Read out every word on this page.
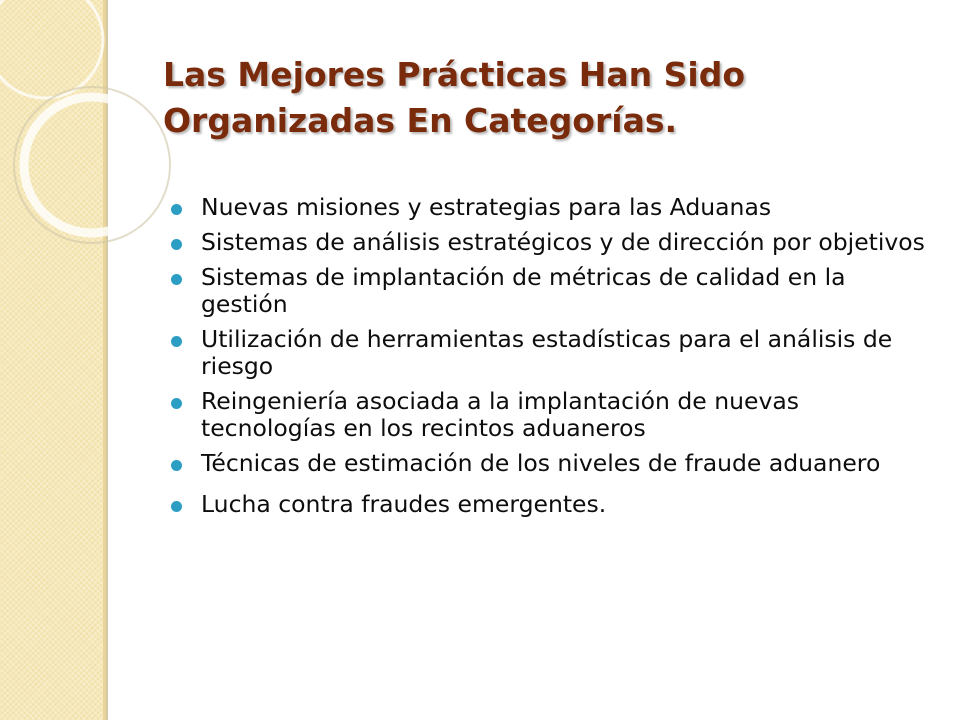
Las Mejores Prácticas Han Sido
Organizadas En Categorías.
Nuevas misiones y estrategias para las Aduanas
Sistemas de análisis estratégicos y de dirección por objetivos
Sistemas de implantación de métricas de calidad en la gestión
Utilización de herramientas estadísticas para el análisis de riesgo
Reingeniería asociada a la implantación de nuevas tecnologías en los recintos aduaneros
Técnicas de estimación de los niveles de fraude aduanero
Lucha contra fraudes emergentes.
